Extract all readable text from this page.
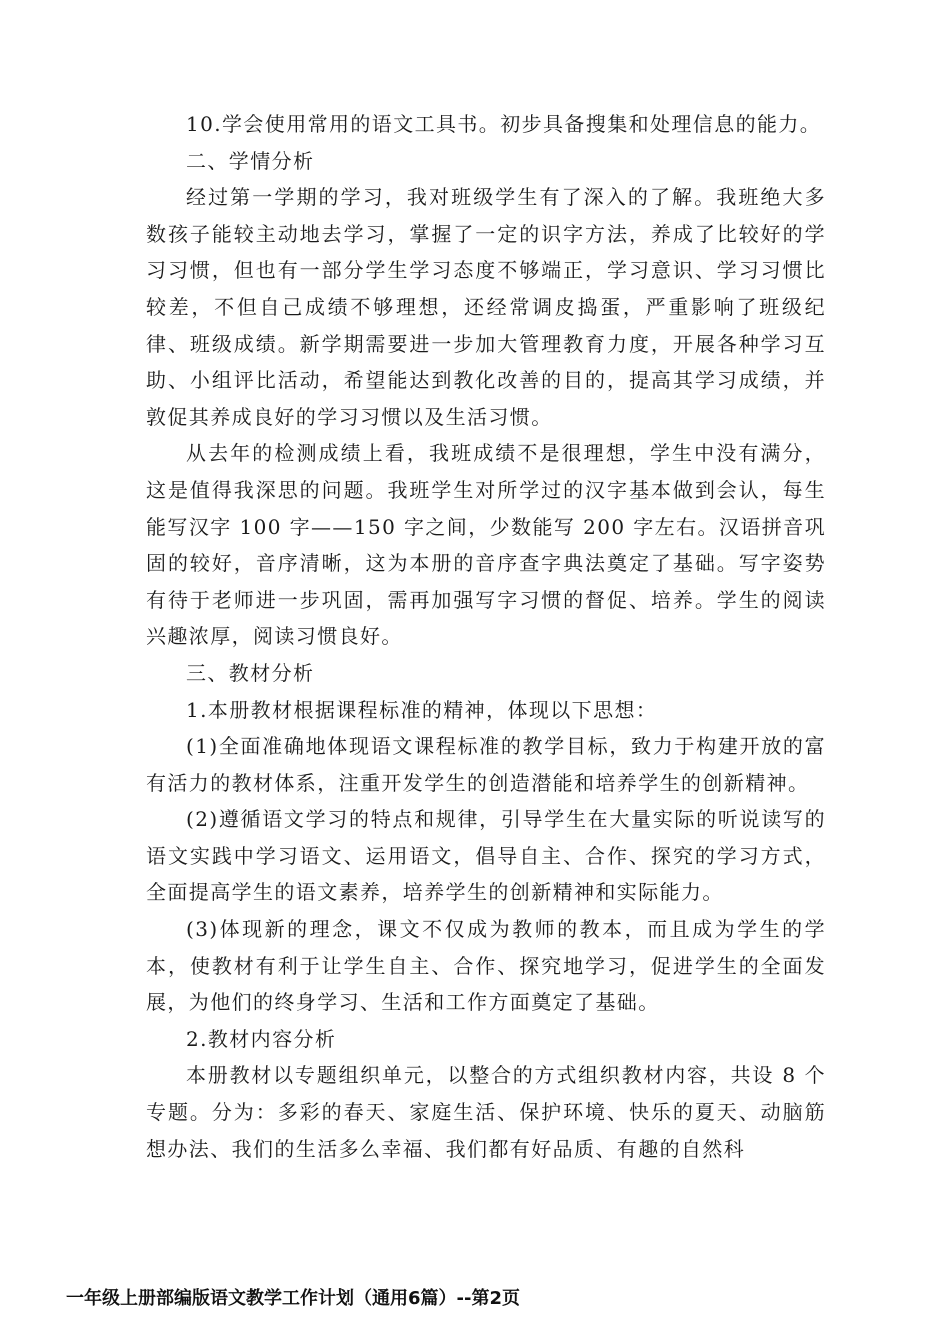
10.学会使用常用的语文工具书。初步具备搜集和处理信息的能力。

二、学情分析

经过第一学期的学习，我对班级学生有了深入的了解。我班绝大多数孩子能较主动地去学习，掌握了一定的识字方法，养成了比较好的学习习惯，但也有一部分学生学习态度不够端正，学习意识、学习习惯比较差，不但自己成绩不够理想，还经常调皮捣蛋，严重影响了班级纪律、班级成绩。新学期需要进一步加大管理教育力度，开展各种学习互助、小组评比活动，希望能达到教化改善的目的，提高其学习成绩，并敦促其养成良好的学习习惯以及生活习惯。

从去年的检测成绩上看，我班成绩不是很理想，学生中没有满分，这是值得我深思的问题。我班学生对所学过的汉字基本做到会认，每生能写汉字 100 字——150 字之间，少数能写 200 字左右。汉语拼音巩固的较好，音序清晰，这为本册的音序查字典法奠定了基础。写字姿势有待于老师进一步巩固，需再加强写字习惯的督促、培养。学生的阅读兴趣浓厚，阅读习惯良好。

三、教材分析

1.本册教材根据课程标准的精神，体现以下思想：

(1)全面准确地体现语文课程标准的教学目标，致力于构建开放的富有活力的教材体系，注重开发学生的创造潜能和培养学生的创新精神。

(2)遵循语文学习的特点和规律，引导学生在大量实际的听说读写的语文实践中学习语文、运用语文，倡导自主、合作、探究的学习方式，全面提高学生的语文素养，培养学生的创新精神和实际能力。

(3)体现新的理念，课文不仅成为教师的教本，而且成为学生的学本，使教材有利于让学生自主、合作、探究地学习，促进学生的全面发展，为他们的终身学习、生活和工作方面奠定了基础。

2.教材内容分析

本册教材以专题组织单元，以整合的方式组织教材内容，共设 8 个专题。分为：多彩的春天、家庭生活、保护环境、快乐的夏天、动脑筋想办法、我们的生活多么幸福、我们都有好品质、有趣的自然科

一年级上册部编版语文教学工作计划（通用6篇）--第2页
